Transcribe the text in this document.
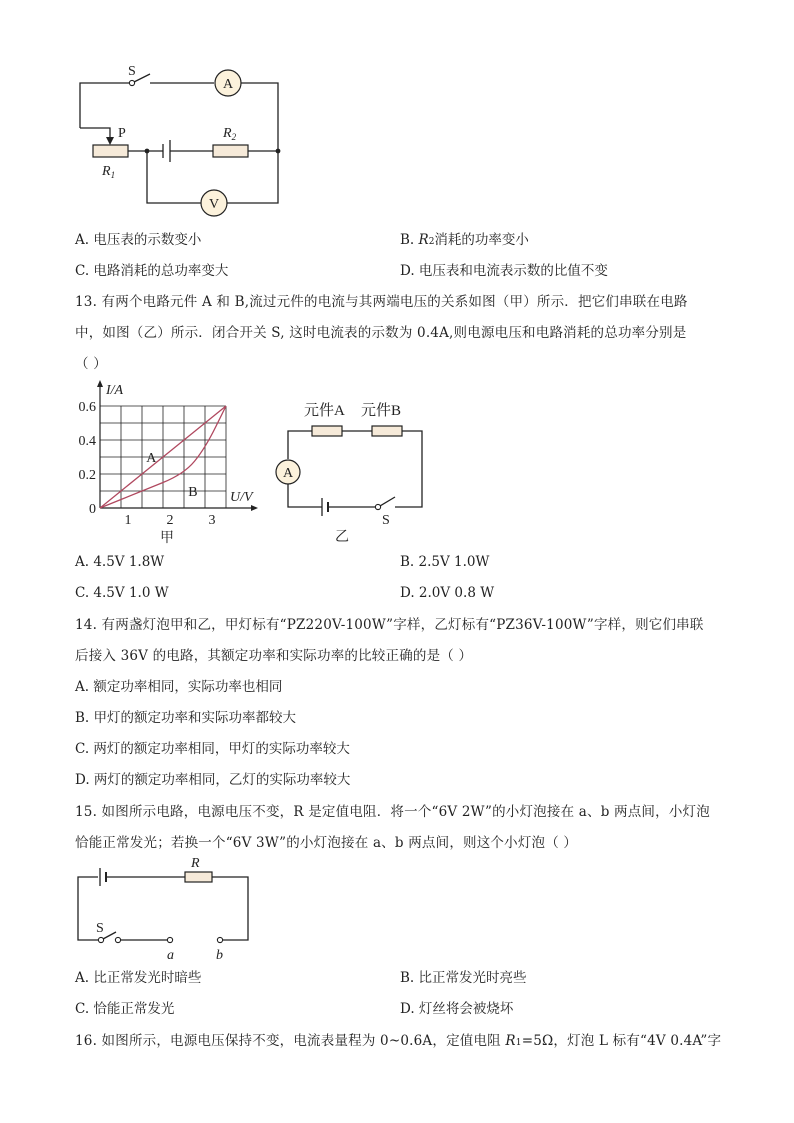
A
S
P
$R_1$
$R_2$
V
A. 电压表的示数变小	B. R2消耗的功率变小
C. 电路消耗的总功率变大	D. 电压表和电流表示数的比值不变
13. 有两个电路元件 A 和 B,流过元件的电流与其两端电压的关系如图（甲）所示．把它们串联在电路
中，如图（乙）所示．闭合开关 S, 这时电流表的示数为 0.4A,则电源电压和电路消耗的总功率分别是
（ ）
I/A
U/V
0
0.2
0.4
0.6
1	2	3
A
B
甲
元件A 元件B
A
S
乙
A. 4.5V 1.8W	B. 2.5V 1.0W
C. 4.5V 1.0 W	D. 2.0V 0.8 W
14. 有两盏灯泡甲和乙，甲灯标有“PZ220V-100W”字样，乙灯标有“PZ36V-100W”字样，则它们串联
后接入 36V 的电路，其额定功率和实际功率的比较正确的是（ ）
A. 额定功率相同，实际功率也相同
B. 甲灯的额定功率和实际功率都较大
C. 两灯的额定功率相同，甲灯的实际功率较大
D. 两灯的额定功率相同，乙灯的实际功率较大
15. 如图所示电路，电源电压不变，R 是定值电阻．将一个“6V 2W”的小灯泡接在 a、b 两点间，小灯泡
恰能正常发光；若换一个“6V 3W”的小灯泡接在 a、b 两点间，则这个小灯泡（ ）
R
b
S
a
A. 比正常发光时暗些	B. 比正常发光时亮些
C. 恰能正常发光	D. 灯丝将会被烧坏
16. 如图所示，电源电压保持不变，电流表量程为 0~0.6A，定值电阻 R1=5Ω，灯泡 L 标有“4V 0.4A”字
